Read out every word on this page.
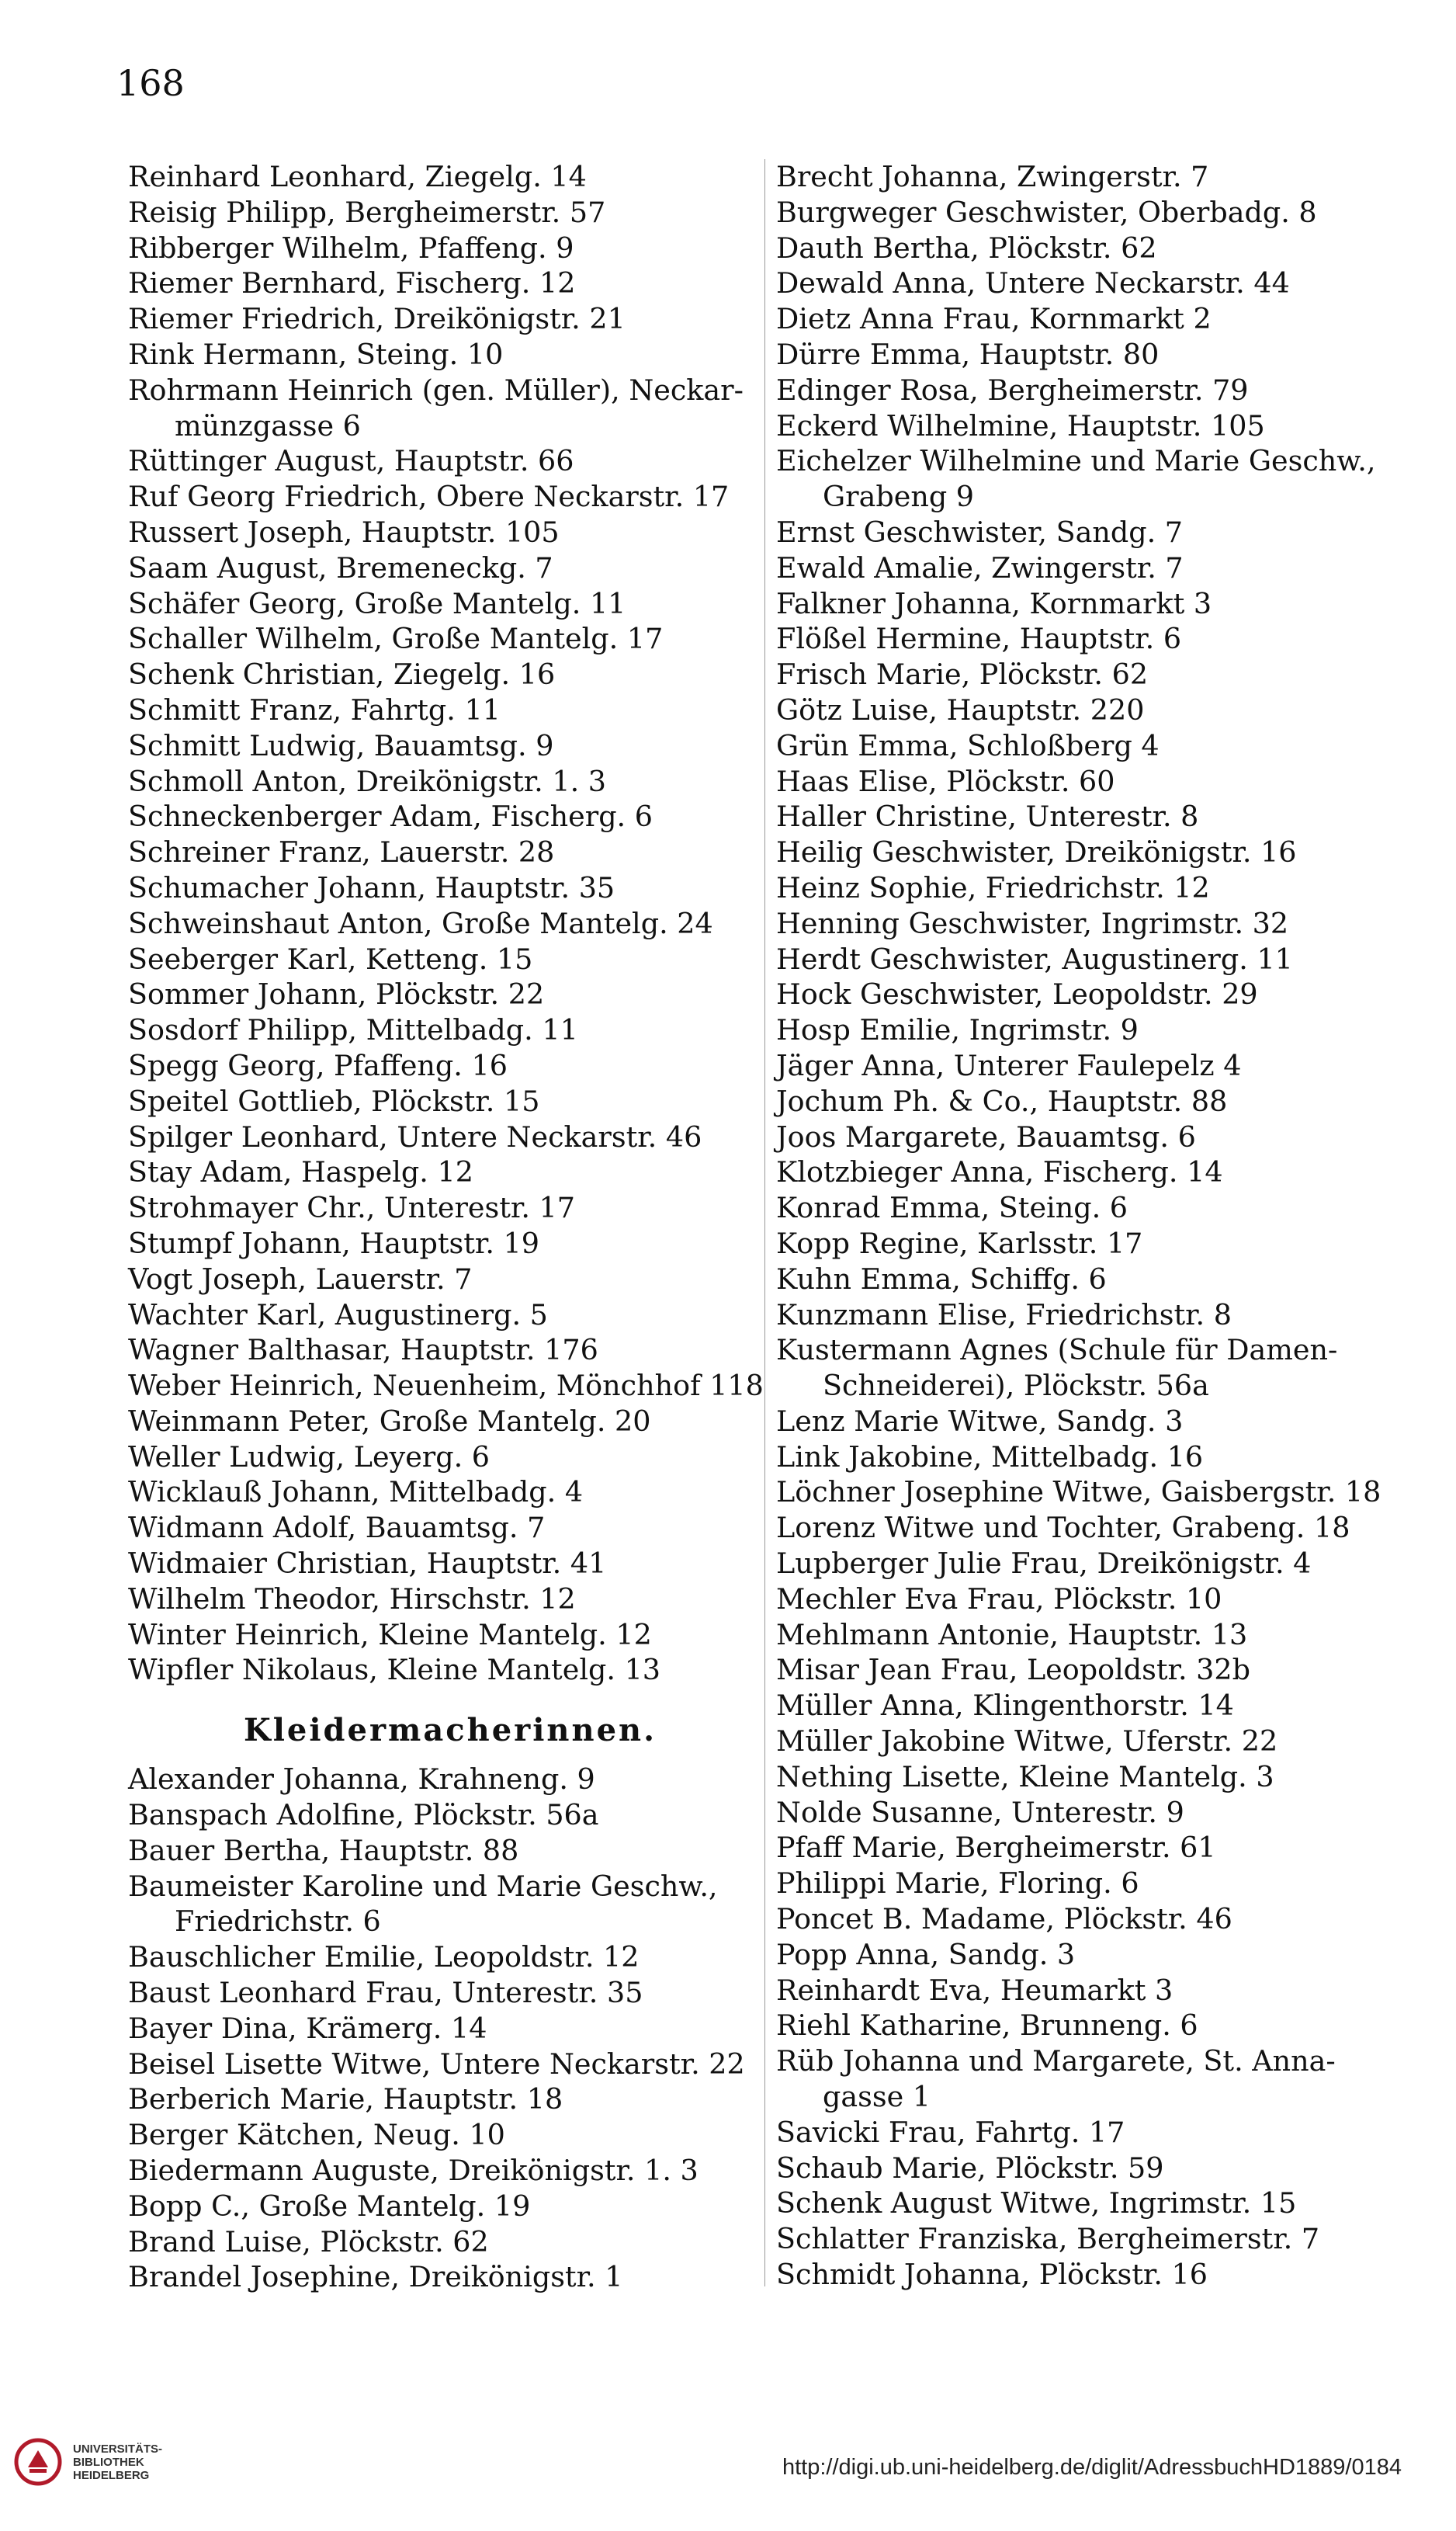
168
Reinhard Leonhard, Ziegelg. 14
Reisig Philipp, Bergheimerstr. 57
Ribberger Wilhelm, Pfaffeng. 9
Riemer Bernhard, Fischerg. 12
Riemer Friedrich, Dreikönigstr. 21
Rink Hermann, Steing. 10
Rohrmann Heinrich (gen. Müller), Neckar-
münzgasse 6
Rüttinger August, Hauptstr. 66
Ruf Georg Friedrich, Obere Neckarstr. 17
Russert Joseph, Hauptstr. 105
Saam August, Bremeneckg. 7
Schäfer Georg, Große Mantelg. 11
Schaller Wilhelm, Große Mantelg. 17
Schenk Christian, Ziegelg. 16
Schmitt Franz, Fahrtg. 11
Schmitt Ludwig, Bauamtsg. 9
Schmoll Anton, Dreikönigstr. 1. 3
Schneckenberger Adam, Fischerg. 6
Schreiner Franz, Lauerstr. 28
Schumacher Johann, Hauptstr. 35
Schweinshaut Anton, Große Mantelg. 24
Seeberger Karl, Ketteng. 15
Sommer Johann, Plöckstr. 22
Sosdorf Philipp, Mittelbadg. 11
Spegg Georg, Pfaffeng. 16
Speitel Gottlieb, Plöckstr. 15
Spilger Leonhard, Untere Neckarstr. 46
Stay Adam, Haspelg. 12
Strohmayer Chr., Unterestr. 17
Stumpf Johann, Hauptstr. 19
Vogt Joseph, Lauerstr. 7
Wachter Karl, Augustinerg. 5
Wagner Balthasar, Hauptstr. 176
Weber Heinrich, Neuenheim, Mönchhof 118
Weinmann Peter, Große Mantelg. 20
Weller Ludwig, Leyerg. 6
Wicklauß Johann, Mittelbadg. 4
Widmann Adolf, Bauamtsg. 7
Widmaier Christian, Hauptstr. 41
Wilhelm Theodor, Hirschstr. 12
Winter Heinrich, Kleine Mantelg. 12
Wipfler Nikolaus, Kleine Mantelg. 13
Kleidermacherinnen.
Alexander Johanna, Krahneng. 9
Banspach Adolfine, Plöckstr. 56a
Bauer Bertha, Hauptstr. 88
Baumeister Karoline und Marie Geschw.,
Friedrichstr. 6
Bauschlicher Emilie, Leopoldstr. 12
Baust Leonhard Frau, Unterestr. 35
Bayer Dina, Krämerg. 14
Beisel Lisette Witwe, Untere Neckarstr. 22
Berberich Marie, Hauptstr. 18
Berger Kätchen, Neug. 10
Biedermann Auguste, Dreikönigstr. 1. 3
Bopp C., Große Mantelg. 19
Brand Luise, Plöckstr. 62
Brandel Josephine, Dreikönigstr. 1
Brecht Johanna, Zwingerstr. 7
Burgweger Geschwister, Oberbadg. 8
Dauth Bertha, Plöckstr. 62
Dewald Anna, Untere Neckarstr. 44
Dietz Anna Frau, Kornmarkt 2
Dürre Emma, Hauptstr. 80
Edinger Rosa, Bergheimerstr. 79
Eckerd Wilhelmine, Hauptstr. 105
Eichelzer Wilhelmine und Marie Geschw.,
Grabeng 9
Ernst Geschwister, Sandg. 7
Ewald Amalie, Zwingerstr. 7
Falkner Johanna, Kornmarkt 3
Flößel Hermine, Hauptstr. 6
Frisch Marie, Plöckstr. 62
Götz Luise, Hauptstr. 220
Grün Emma, Schloßberg 4
Haas Elise, Plöckstr. 60
Haller Christine, Unterestr. 8
Heilig Geschwister, Dreikönigstr. 16
Heinz Sophie, Friedrichstr. 12
Henning Geschwister, Ingrimstr. 32
Herdt Geschwister, Augustinerg. 11
Hock Geschwister, Leopoldstr. 29
Hosp Emilie, Ingrimstr. 9
Jäger Anna, Unterer Faulepelz 4
Jochum Ph. & Co., Hauptstr. 88
Joos Margarete, Bauamtsg. 6
Klotzbieger Anna, Fischerg. 14
Konrad Emma, Steing. 6
Kopp Regine, Karlsstr. 17
Kuhn Emma, Schiffg. 6
Kunzmann Elise, Friedrichstr. 8
Kustermann Agnes (Schule für Damen-
Schneiderei), Plöckstr. 56a
Lenz Marie Witwe, Sandg. 3
Link Jakobine, Mittelbadg. 16
Löchner Josephine Witwe, Gaisbergstr. 18
Lorenz Witwe und Tochter, Grabeng. 18
Lupberger Julie Frau, Dreikönigstr. 4
Mechler Eva Frau, Plöckstr. 10
Mehlmann Antonie, Hauptstr. 13
Misar Jean Frau, Leopoldstr. 32b
Müller Anna, Klingenthorstr. 14
Müller Jakobine Witwe, Uferstr. 22
Nething Lisette, Kleine Mantelg. 3
Nolde Susanne, Unterestr. 9
Pfaff Marie, Bergheimerstr. 61
Philippi Marie, Floring. 6
Poncet B. Madame, Plöckstr. 46
Popp Anna, Sandg. 3
Reinhardt Eva, Heumarkt 3
Riehl Katharine, Brunneng. 6
Rüb Johanna und Margarete, St. Anna-
gasse 1
Savicki Frau, Fahrtg. 17
Schaub Marie, Plöckstr. 59
Schenk August Witwe, Ingrimstr. 15
Schlatter Franziska, Bergheimerstr. 7
Schmidt Johanna, Plöckstr. 16
UNIVERSITÄTS-
BIBLIOTHEK
HEIDELBERG	http://digi.ub.uni-heidelberg.de/diglit/AdressbuchHD1889/0184
